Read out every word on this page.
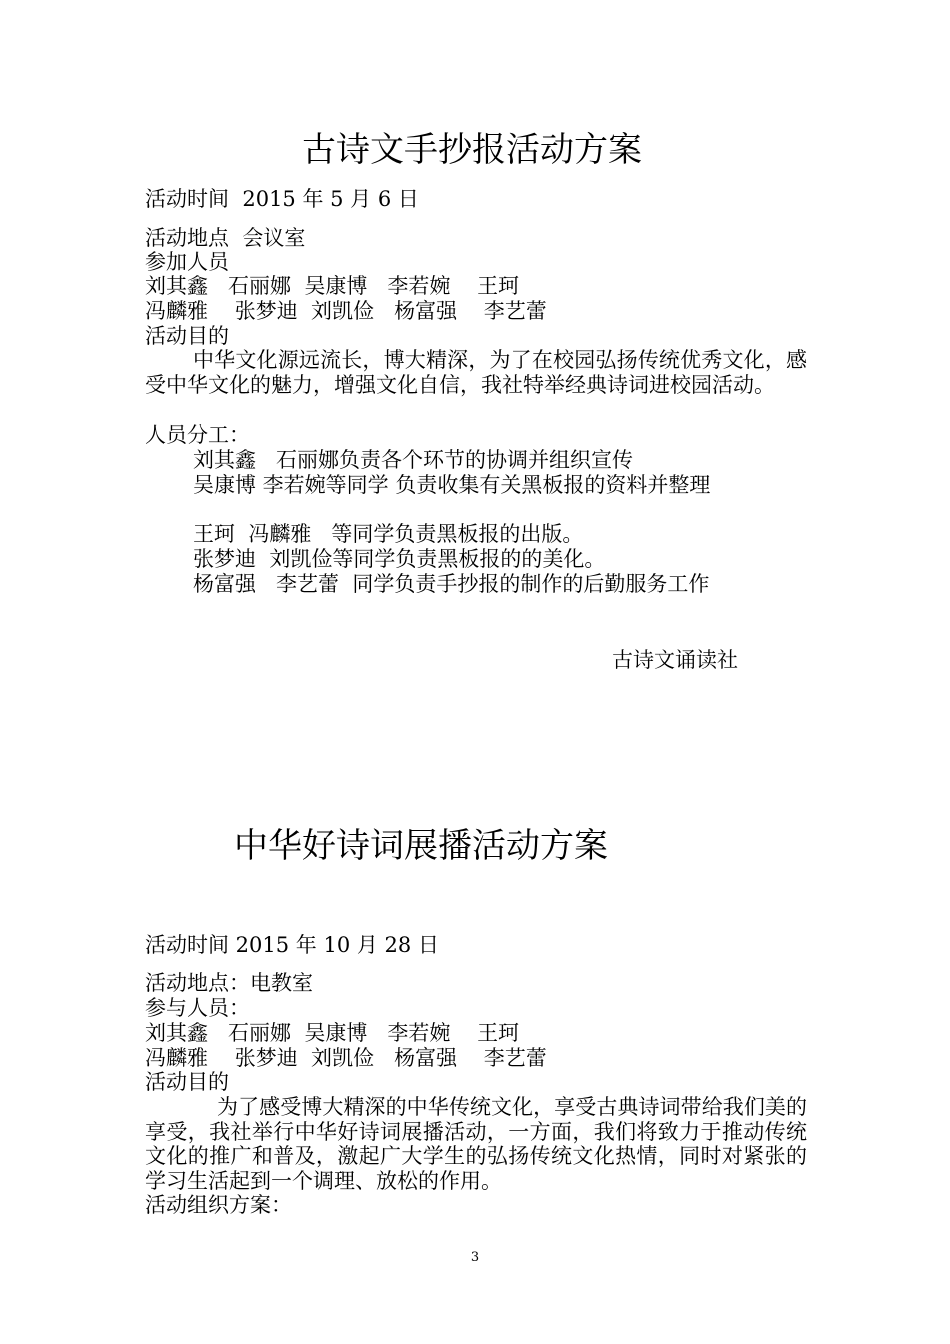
古诗文手抄报活动方案
活动时间  2015 年 5 月 6 日
活动地点  会议室
参加人员
刘其鑫   石丽娜  吴康博   李若婉    王珂
冯麟雅    张梦迪  刘凯俭   杨富强    李艺蕾
活动目的
中华文化源远流长，博大精深，为了在校园弘扬传统优秀文化，感受中华文化的魅力，增强文化自信，我社特举经典诗词进校园活动。
人员分工：
刘其鑫   石丽娜负责各个环节的协调并组织宣传
吴康博 李若婉等同学 负责收集有关黑板报的资料并整理
王珂  冯麟雅   等同学负责黑板报的出版。
张梦迪  刘凯俭等同学负责黑板报的的美化。
杨富强   李艺蕾  同学负责手抄报的制作的后勤服务工作
古诗文诵读社
中华好诗词展播活动方案
活动时间 2015 年 10 月 28 日
活动地点：电教室
参与人员：
刘其鑫   石丽娜  吴康博   李若婉    王珂
冯麟雅    张梦迪  刘凯俭   杨富强    李艺蕾
活动目的
为了感受博大精深的中华传统文化，享受古典诗词带给我们美的享受，我社举行中华好诗词展播活动，一方面，我们将致力于推动传统文化的推广和普及，激起广大学生的弘扬传统文化热情，同时对紧张的学习生活起到一个调理、放松的作用。
活动组织方案：
3
